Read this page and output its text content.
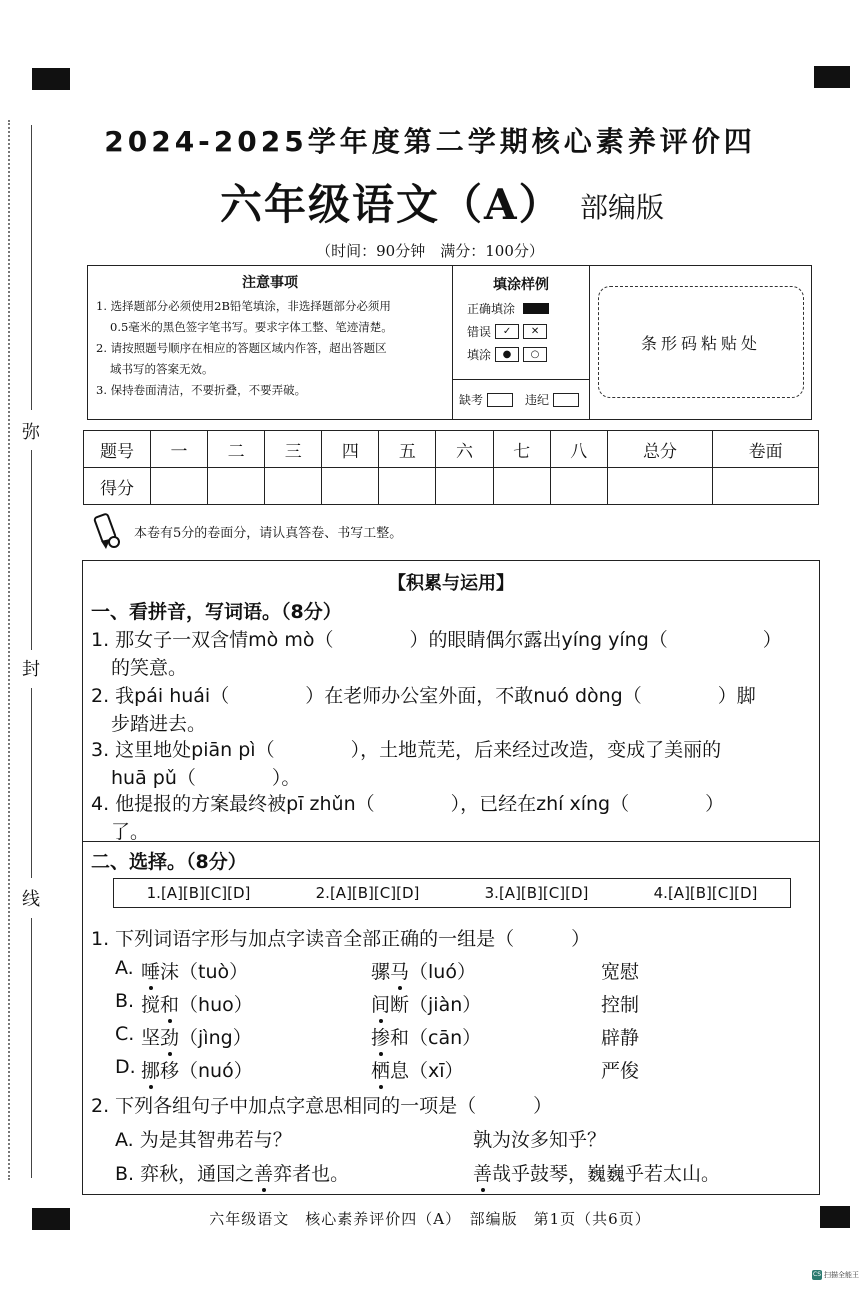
弥
封
线
2024-2025学年度第二学期核心素养评价四
六年级语文（A） 部编版
（时间：90分钟　满分：100分）
注意事项

1. 选择题部分必须使用2B铅笔填涂，非选择题部分必须用

0.5毫米的黑色签字笔书写。要求字体工整、笔迹清楚。

2. 请按照题号顺序在相应的答题区域内作答，超出答题区

域书写的答案无效。

3. 保持卷面清洁，不要折叠，不要弄破。

填涂样例
正确填涂
错误	✓	✕
填涂	●	○
缺考	违纪
条形码粘贴处
题号	一	二	三	四	五	六	七	八	总分	卷面
得分										
本卷有5分的卷面分，请认真答卷、书写工整。
【积累与运用】
一、看拼音，写词语。（8分）
1. 那女子一双含情mò mò（　　　　）的眼睛偶尔露出yíng yíng（　　　　　）
的笑意。
2. 我pái huái（　　　　）在老师办公室外面，不敢nuó dòng（　　　　）脚
步踏进去。
3. 这里地处piān pì（　　　　），土地荒芜，后来经过改造，变成了美丽的
huā pǔ（　　　　）。
4. 他提报的方案最终被pī zhǔn（　　　　），已经在zhí xíng（　　　　）
了。
二、选择。（8分）
1.[A][B][C][D]	2.[A][B][C][D]	3.[A][B][C][D]	4.[A][B][C][D]
1. 下列词语字形与加点字读音全部正确的一组是（　　　）
A. 唾沫（tuò）	骡马（luó）	宽慰
B. 搅和（huo）	间断（jiàn）	控制
C. 坚劲（jìng）	掺和（cān）	辟静
D. 挪移（nuó）	栖息（xī）	严俊
2. 下列各组句子中加点字意思相同的一项是（　　　）
A. 为是其智弗若与？	孰为汝多知乎？
B. 弈秋，通国之善弈者也。	善哉乎鼓琴，巍巍乎若太山。
六年级语文　核心素养评价四（A）　部编版　第1页（共6页）
CS 扫描全能王
